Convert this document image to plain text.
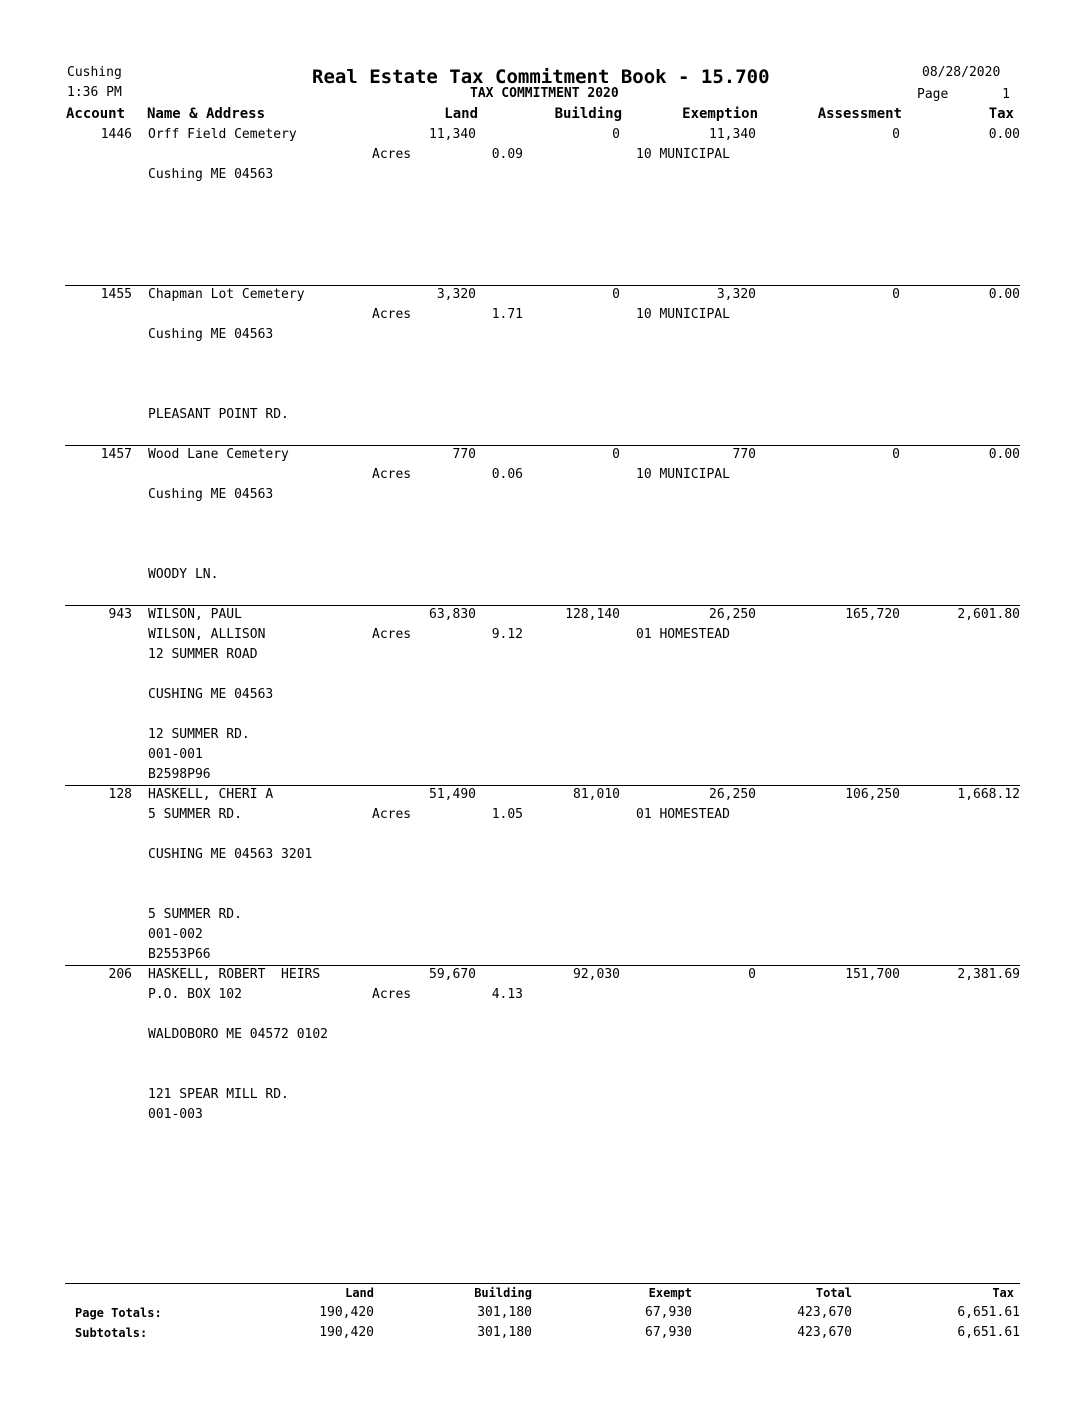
Cushing
1:36 PM
Real Estate Tax Commitment Book - 15.700
TAX COMMITMENT 2020
08/28/2020
Page	1
Account Name & Address	Land	Building	Exemption	Assessment	Tax
1446 Orff Field Cemetery	11,340	0	11,340	0	0.00
Acres	0.09	10 MUNICIPAL
Cushing ME 04563
1455 Chapman Lot Cemetery	3,320	0	3,320	0	0.00
Acres	1.71	10 MUNICIPAL
Cushing ME 04563
PLEASANT POINT RD.
1457 Wood Lane Cemetery	770	0	770	0	0.00
Acres	0.06	10 MUNICIPAL
Cushing ME 04563
WOODY LN.
943 WILSON, PAUL	63,830	128,140	26,250	165,720	2,601.80
Acres	9.12	01 HOMESTEAD
WILSON, ALLISON
12 SUMMER ROAD
CUSHING ME 04563
12 SUMMER RD.
001-001
B2598P96
128 HASKELL, CHERI A	51,490	81,010	26,250	106,250	1,668.12
Acres	1.05	01 HOMESTEAD
5 SUMMER RD.
CUSHING ME 04563 3201
5 SUMMER RD.
001-002
B2553P66
206 HASKELL, ROBERT  HEIRS	59,670	92,030	0	151,700	2,381.69
Acres	4.13
P.O. BOX 102
WALDOBORO ME 04572 0102
121 SPEAR MILL RD.
001-003
Land	Building	Exempt	Total	Tax
Page Totals:	190,420	301,180	67,930	423,670	6,651.61
Subtotals:	190,420	301,180	67,930	423,670	6,651.61
